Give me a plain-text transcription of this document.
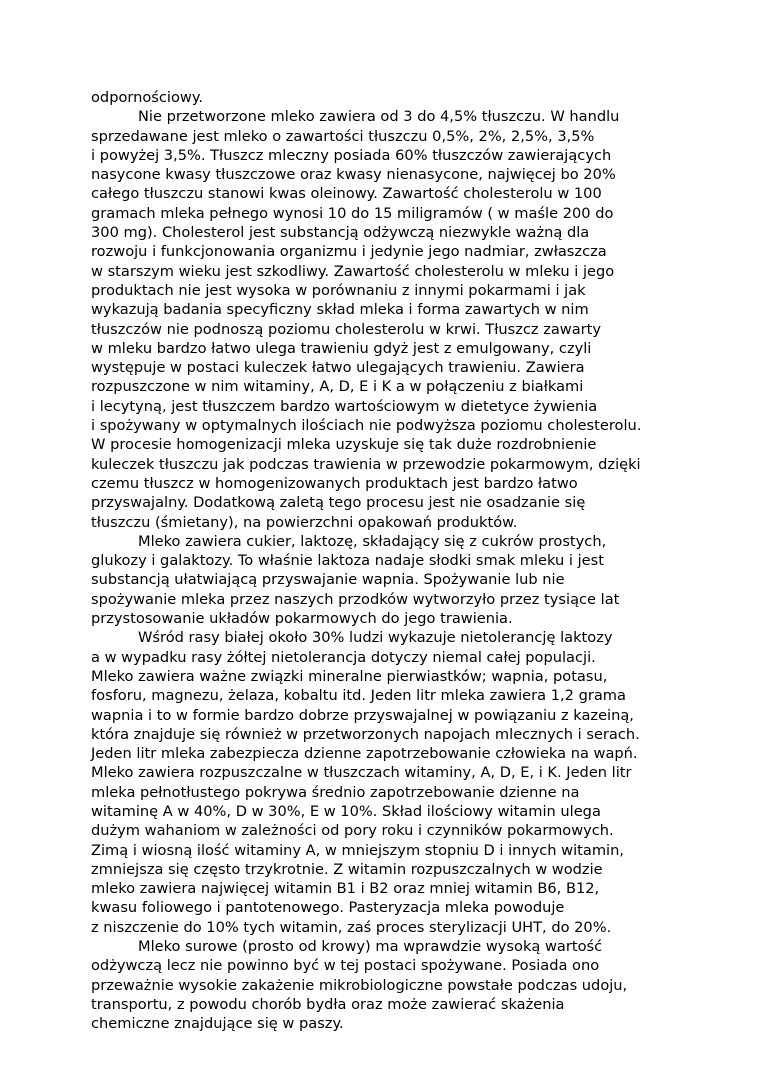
odpornościowy.
Nie przetworzone mleko zawiera od 3 do 4,5% tłuszczu. W handlu
sprzedawane jest mleko o zawartości tłuszczu 0,5%, 2%, 2,5%, 3,5%
i powyżej 3,5%. Tłuszcz mleczny posiada 60% tłuszczów zawierających
nasycone kwasy tłuszczowe oraz kwasy nienasycone, najwięcej bo 20%
całego tłuszczu stanowi kwas oleinowy. Zawartość cholesterolu w 100
gramach mleka pełnego wynosi 10 do 15 miligramów ( w maśle 200 do
300 mg). Cholesterol jest substancją odżywczą niezwykle ważną dla
rozwoju i funkcjonowania organizmu i jedynie jego nadmiar, zwłaszcza
w starszym wieku jest szkodliwy. Zawartość cholesterolu w mleku i jego
produktach nie jest wysoka w porównaniu z innymi pokarmami i jak
wykazują badania specyficzny skład mleka i forma zawartych w nim
tłuszczów nie podnoszą poziomu cholesterolu w krwi. Tłuszcz zawarty
w mleku bardzo łatwo ulega trawieniu gdyż jest z emulgowany, czyli
występuje w postaci kuleczek łatwo ulegających trawieniu. Zawiera
rozpuszczone w nim witaminy, A, D, E i K a w połączeniu z białkami
i lecytyną, jest tłuszczem bardzo wartościowym w dietetyce żywienia
i spożywany w optymalnych ilościach nie podwyższa poziomu cholesterolu.
W procesie homogenizacji mleka uzyskuje się tak duże rozdrobnienie
kuleczek tłuszczu jak podczas trawienia w przewodzie pokarmowym, dzięki
czemu tłuszcz w homogenizowanych produktach jest bardzo łatwo
przyswajalny. Dodatkową zaletą tego procesu jest nie osadzanie się
tłuszczu (śmietany), na powierzchni opakowań produktów.
Mleko zawiera cukier, laktozę, składający się z cukrów prostych,
glukozy i galaktozy. To właśnie laktoza nadaje słodki smak mleku i jest
substancją ułatwiającą przyswajanie wapnia. Spożywanie lub nie
spożywanie mleka przez naszych przodków wytworzyło przez tysiące lat
przystosowanie układów pokarmowych do jego trawienia.
Wśród rasy białej około 30% ludzi wykazuje nietolerancję laktozy
a w wypadku rasy żółtej nietolerancja dotyczy niemal całej populacji.
Mleko zawiera ważne związki mineralne pierwiastków; wapnia, potasu,
fosforu, magnezu, żelaza, kobaltu itd. Jeden litr mleka zawiera 1,2 grama
wapnia i to w formie bardzo dobrze przyswajalnej w powiązaniu z kazeiną,
która znajduje się również w przetworzonych napojach mlecznych i serach.
Jeden litr mleka zabezpiecza dzienne zapotrzebowanie człowieka na wapń.
Mleko zawiera rozpuszczalne w tłuszczach witaminy, A, D, E, i K. Jeden litr
mleka pełnotłustego pokrywa średnio zapotrzebowanie dzienne na
witaminę A w 40%, D w 30%, E w 10%. Skład ilościowy witamin ulega
dużym wahaniom w zależności od pory roku i czynników pokarmowych.
Zimą i wiosną ilość witaminy A, w mniejszym stopniu D i innych witamin,
zmniejsza się często trzykrotnie. Z witamin rozpuszczalnych w wodzie
mleko zawiera najwięcej witamin B1 i B2 oraz mniej witamin B6, B12,
kwasu foliowego i pantotenowego. Pasteryzacja mleka powoduje
z niszczenie do 10% tych witamin, zaś proces sterylizacji UHT, do 20%.
Mleko surowe (prosto od krowy) ma wprawdzie wysoką wartość
odżywczą lecz nie powinno być w tej postaci spożywane. Posiada ono
przeważnie wysokie zakażenie mikrobiologiczne powstałe podczas udoju,
transportu, z powodu chorób bydła oraz może zawierać skażenia
chemiczne znajdujące się w paszy.
